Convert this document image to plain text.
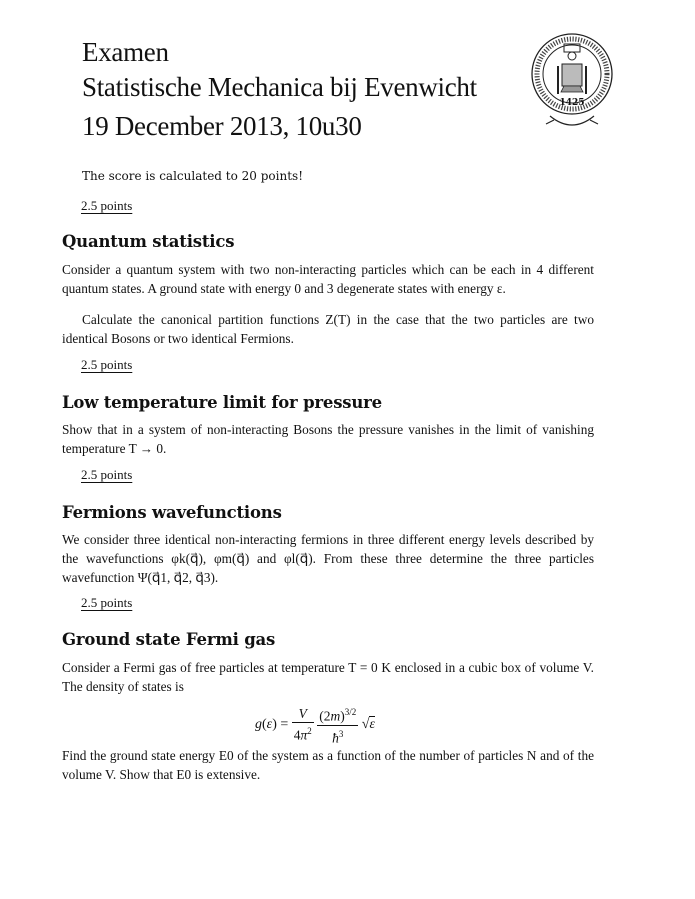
Examen
Statistische Mechanica bij Evenwicht
19 December 2013, 10u30
1425
The score is calculated to 20 points!
2.5 points
Quantum statistics

Consider a quantum system with two non-interacting particles which can be each in 4 different quantum states. A ground state with energy 0 and 3 degenerate states with energy ε.

Calculate the canonical partition functions Z(T) in the case that the two particles are two identical Bosons or two identical Fermions.

2.5 points
Low temperature limit for pressure

Show that in a system of non-interacting Bosons the pressure vanishes in the limit of vanishing temperature T → 0.

2.5 points
Fermions wavefunctions

We consider three identical non-interacting fermions in three different energy levels described by the wavefunctions φk(q⃗), φm(q⃗) and φl(q⃗). From these three determine the three particles wavefunction Ψ(q⃗1, q⃗2, q⃗3).

2.5 points
Ground state Fermi gas

Consider a Fermi gas of free particles at temperature T = 0 K enclosed in a cubic box of volume V. The density of states is

$g(\varepsilon) = \frac{V}{4\pi^2}$
$\frac{(2m)^{3/2}}{ħ^3} √\varepsilon$

Find the ground state energy E0 of the system as a function of the number of particles N and of the volume V. Show that E0 is extensive.
